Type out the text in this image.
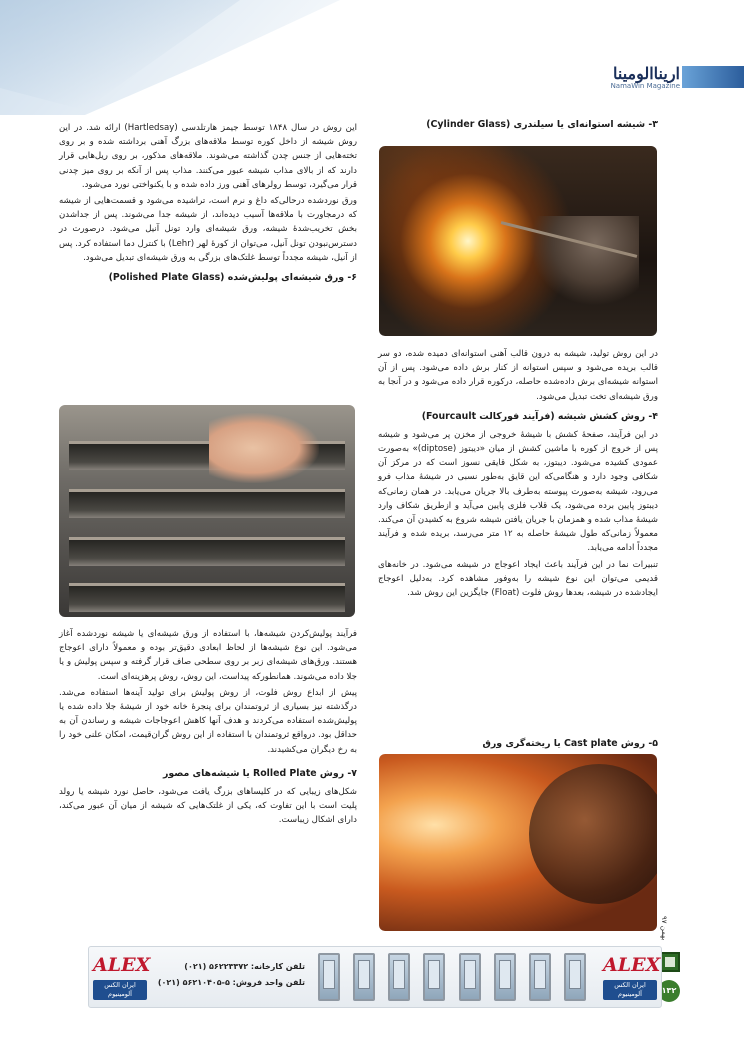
اریناالومینا
NamaWin Magazine
۳- شیشه استوانه‌ای یا سیلندری (Cylinder Glass)

در این روش تولید، شیشه به درون قالب آهنی استوانه‌ای دمیده شده، دو سر قالب بریده می‌شود و سپس استوانه از کنار برش داده می‌شود. پس از آن استوانه شیشه‌ای برش داده‌شده حاصله، درکوره قرار داده می‌شود و در آنجا به ورق شیشه‌ای تخت تبدیل می‌شود.

۴- روش کشش شیشه (فرآیند فورکالت Fourcault)

در این فرآیند، صفحهٔ کشش با شیشهٔ خروجی از مخزن پر می‌شود و شیشه پس از خروج از کوره با ماشین کشش از میان «دیبتوز (diptose)» به‌صورت عمودی کشیده می‌شود. دیبتوز، به شکل قایقی نسوز است که در مرکز آن شکافی وجود دارد و هنگامی‌که این قایق به‌طور نسبی در شیشهٔ مذاب فرو می‌رود، شیشه به‌صورت پیوسته به‌طرف بالا جریان می‌یابد. در همان زمانی‌که دیبتوز پایین برده می‌شود، یک قلاب فلزی پایین می‌آید و ازطریق شکاف وارد شیشهٔ مذاب شده و همزمان با جریان یافتن شیشه شروع به کشیدن آن می‌کند. معمولاً زمانی‌که طول شیشهٔ حاصله به ۱۲ متر می‌رسد، بریده شده و فرآیند مجدداً ادامه می‌یابد.

تنبیرات نما در این فرآیند باعث ایجاد اعوجاج در شیشه می‌شود. در خانه‌های قدیمی می‌توان این نوع شیشه را به‌وفور مشاهده کرد. به‌دلیل اعوجاج ایجادشده در شیشه، بعدها روش فلوت (Float) جایگزین این روش شد.

۵- روش Cast plate یا ریخته‌گری ورق

این روش در سال ۱۸۴۸ توسط جیمز هارتلدسی (Hartledsay) ارائه شد. در این روش شیشه از داخل کوره توسط ملاقه‌های بزرگ آهنی برداشته شده و بر روی تخته‌هایی از جنس چدن گذاشته می‌شوند. ملاقه‌های مذکور، بر روی ریل‌هایی قرار دارند که از بالای مذاب شیشه عبور می‌کنند. مذاب پس از آنکه بر روی میز چدنی قرار می‌گیرد، توسط رولرهای آهنی ورز داده شده و با یکنواختی نورد می‌شود.

ورق نوردشده درحالی‌که داغ و نرم است، تراشیده می‌شود و قسمت‌هایی از شیشه که درمجاورت با ملاقه‌ها آسیب دیده‌اند، از شیشه جدا می‌شوند. پس از جداشدن بخش تخریب‌شدهٔ شیشه، ورق شیشه‌ای وارد تونل آنیل می‌شود. درصورت در دسترس‌نبودن تونل آنیل، می‌توان از کورهٔ لهر (Lehr) با کنترل دما استفاده کرد. پس از آنیل، شیشه مجدداً توسط غلتک‌های بزرگی به ورق شیشه‌ای تبدیل می‌شود.

۶- ورق شیشه‌ای پولیش‌شده (Polished Plate Glass)

فرآیند پولیش‌کردن شیشه‌ها، با استفاده از ورق شیشه‌ای یا شیشه نوردشده آغاز می‌شود. این نوع شیشه‌ها از لحاظ ابعادی دقیق‌تر بوده و معمولاً دارای اعوجاج هستند. ورق‌های شیشه‌ای زبر بر روی سطحی صاف قرار گرفته و سپس پولیش و یا جلا داده می‌شوند. همانطورکه پیداست، این روش، روش پرهزینه‌ای است.

پیش از ابداع روش فلوت، از روش پولیش برای تولید آینه‌ها استفاده می‌شد. درگذشته نیز بسیاری از ثروتمندان برای پنجرهٔ خانه خود از شیشهٔ جلا داده شده یا پولیش‌شده استفاده می‌کردند و هدف آنها کاهش اعوجاجات شیشه و رساندن آن به حداقل بود. درواقع ثروتمندان با استفاده از این روش گران‌قیمت، امکان علنی خود را به رخ دیگران می‌کشیدند.

۷- روش Rolled Plate یا شیشه‌های مصور

شکل‌های زیبایی که در کلیساهای بزرگ یافت می‌شود، حاصل نورد شیشه یا رولد پلیت است با این تفاوت که، یکی از غلتک‌هایی که شیشه از میان آن عبور می‌کند، دارای اشکال زیباست.

بهمن ۹۷
۱۳۲
ALEX
ایران الکس آلومینیوم
تلفن کارخانه: ۵۶۲۲۳۳۷۲ (۰۲۱)
تلفن واحد فروش: ۵-۵۶۲۱۰۴۰۵ (۰۲۱)
ALEX
ایران الکس آلومینیوم
